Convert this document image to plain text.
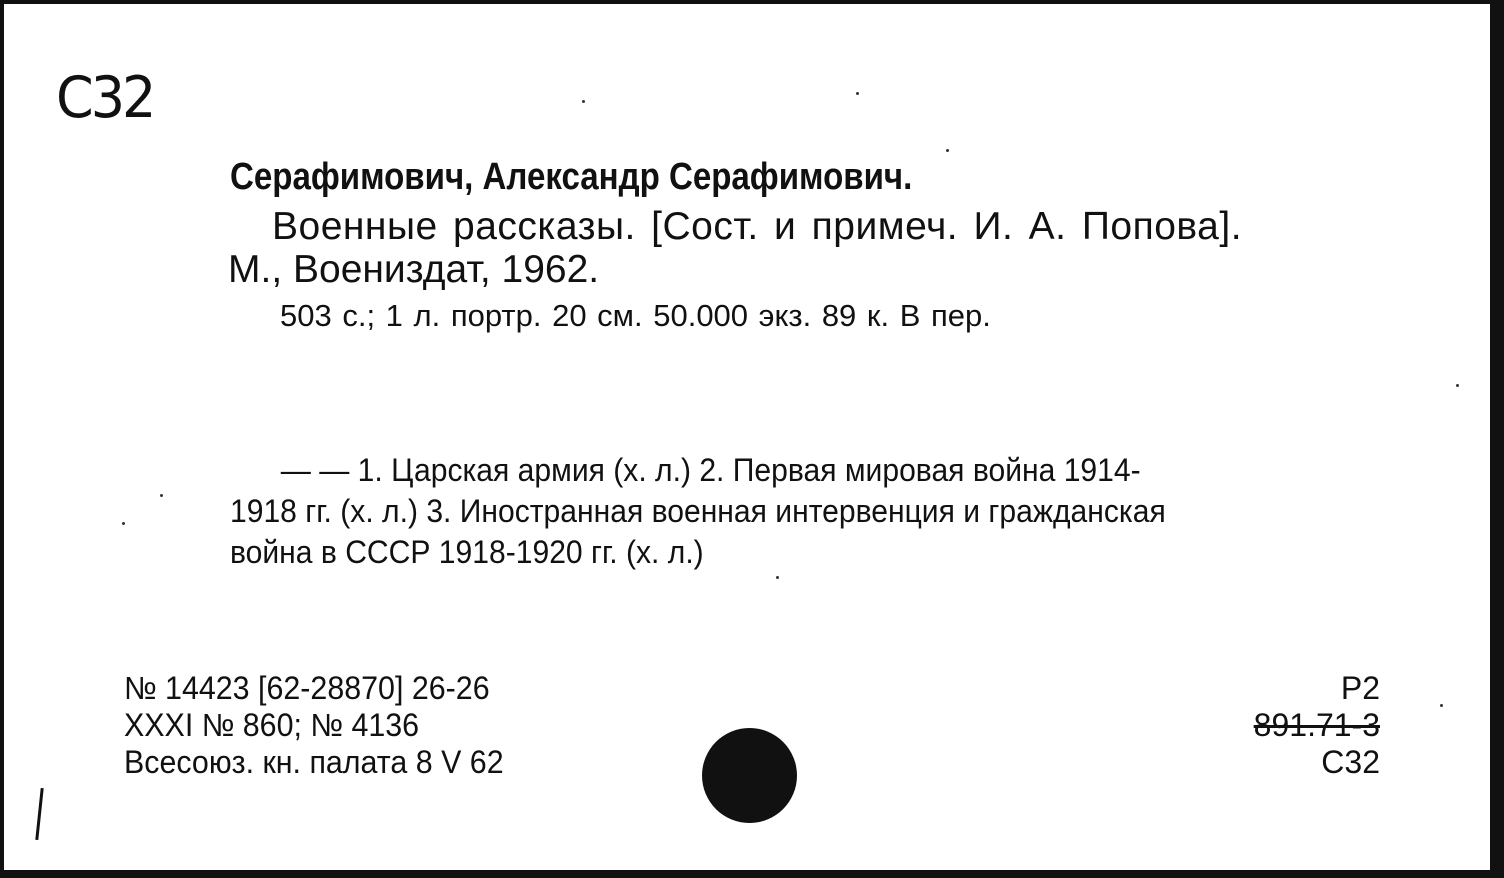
C32
Серафимович, Александр Серафимович.
Военные рассказы. [Сост. и примеч. И. А. Попова].
М., Воениздат, 1962.
503 с.; 1 л. портр. 20 см. 50.000 экз. 89 к. В пер.
— — 1. Царская армия (х. л.) 2. Первая мировая война 1914-
1918 гг. (х. л.) 3. Иностранная военная интервенция и гражданская
война в СССР 1918-1920 гг. (х. л.)
№ 14423 [62-28870] 26-26
XXXI № 860; № 4136
Всесоюз. кн. палата 8 V 62
Р2
891.71-3
С32
